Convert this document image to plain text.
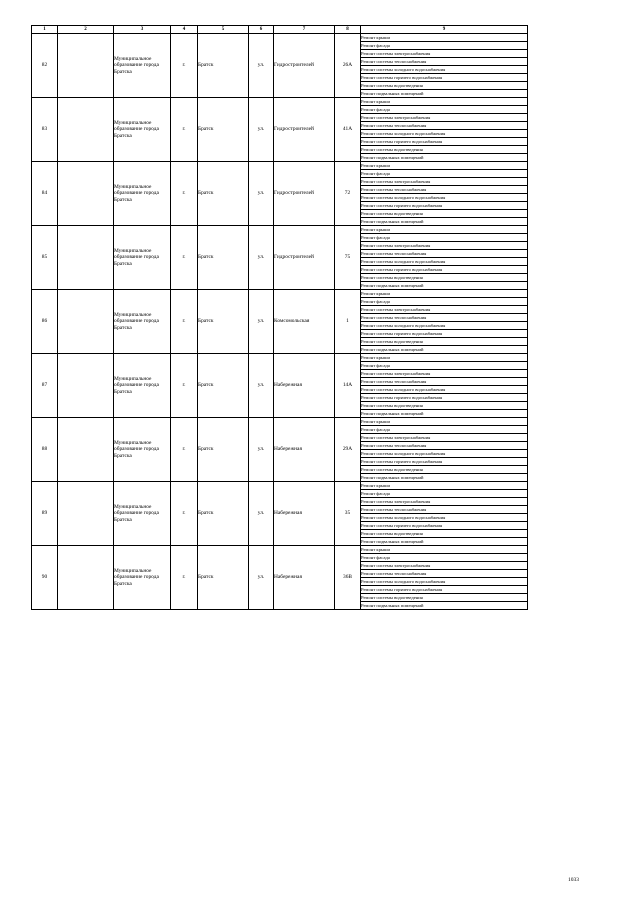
1	2	3	4	5	6	7	8	9
82		Муниципальное образование города Братска	г.	Братск	ул.	Гидростроителей	26А	Ремонт крыши
								Ремонт фасада
								Ремонт системы электроснабжения
								Ремонт системы теплоснабжения
								Ремонт системы холодного водоснабжения
								Ремонт системы горячего водоснабжения
								Ремонт системы водоотведения
								Ремонт подвальных помещений
83		Муниципальное образование города Братска	г.	Братск	ул.	Гидростроителей	41А	Ремонт крыши
								Ремонт фасада
								Ремонт системы электроснабжения
								Ремонт системы теплоснабжения
								Ремонт системы холодного водоснабжения
								Ремонт системы горячего водоснабжения
								Ремонт системы водоотведения
								Ремонт подвальных помещений
84		Муниципальное образование города Братска	г.	Братск	ул.	Гидростроителей	72	Ремонт крыши
								Ремонт фасада
								Ремонт системы электроснабжения
								Ремонт системы теплоснабжения
								Ремонт системы холодного водоснабжения
								Ремонт системы горячего водоснабжения
								Ремонт системы водоотведения
								Ремонт подвальных помещений
85		Муниципальное образование города Братска	г.	Братск	ул.	Гидростроителей	75	Ремонт крыши
								Ремонт фасада
								Ремонт системы электроснабжения
								Ремонт системы теплоснабжения
								Ремонт системы холодного водоснабжения
								Ремонт системы горячего водоснабжения
								Ремонт системы водоотведения
								Ремонт подвальных помещений
86		Муниципальное образование города Братска	г.	Братск	ул.	Комсомольская	1	Ремонт крыши
								Ремонт фасада
								Ремонт системы электроснабжения
								Ремонт системы теплоснабжения
								Ремонт системы холодного водоснабжения
								Ремонт системы горячего водоснабжения
								Ремонт системы водоотведения
								Ремонт подвальных помещений
87		Муниципальное образование города Братска	г.	Братск	ул.	Набережная	14А	Ремонт крыши
								Ремонт фасада
								Ремонт системы электроснабжения
								Ремонт системы теплоснабжения
								Ремонт системы холодного водоснабжения
								Ремонт системы горячего водоснабжения
								Ремонт системы водоотведения
								Ремонт подвальных помещений
88		Муниципальное образование города Братска	г.	Братск	ул.	Набережная	29А	Ремонт крыши
								Ремонт фасада
								Ремонт системы электроснабжения
								Ремонт системы теплоснабжения
								Ремонт системы холодного водоснабжения
								Ремонт системы горячего водоснабжения
								Ремонт системы водоотведения
								Ремонт подвальных помещений
89		Муниципальное образование города Братска	г.	Братск	ул.	Набережная	35	Ремонт крыши
								Ремонт фасада
								Ремонт системы электроснабжения
								Ремонт системы теплоснабжения
								Ремонт системы холодного водоснабжения
								Ремонт системы горячего водоснабжения
								Ремонт системы водоотведения
								Ремонт подвальных помещений
90		Муниципальное образование города Братска	г.	Братск	ул.	Набережная	36В	Ремонт крыши
								Ремонт фасада
								Ремонт системы электроснабжения
								Ремонт системы теплоснабжения
								Ремонт системы холодного водоснабжения
								Ремонт системы горячего водоснабжения
								Ремонт системы водоотведения
								Ремонт подвальных помещений
1033
